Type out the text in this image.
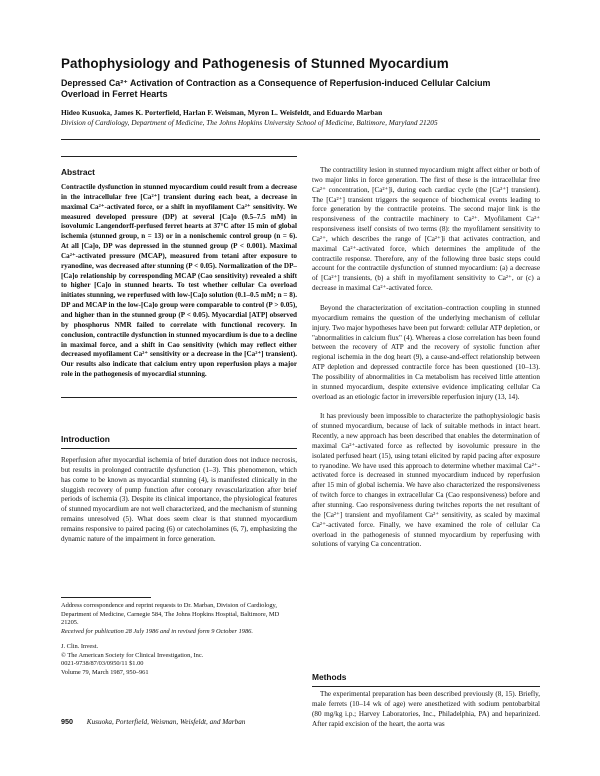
Pathophysiology and Pathogenesis of Stunned Myocardium

Depressed Ca²⁺ Activation of Contraction as a Consequence of Reperfusion-induced Cellular Calcium Overload in Ferret Hearts

Hideo Kusuoka, James K. Porterfield, Harlan F. Weisman, Myron L. Weisfeldt, and Eduardo Marban

Division of Cardiology, Department of Medicine, The Johns Hopkins University School of Medicine, Baltimore, Maryland 21205

Abstract

Contractile dysfunction in stunned myocardium could result from a decrease in the intracellular free [Ca²⁺] transient during each beat, a decrease in maximal Ca²⁺-activated force, or a shift in myofilament Ca²⁺ sensitivity. We measured developed pressure (DP) at several [Ca]o (0.5–7.5 mM) in isovolumic Langendorff-perfused ferret hearts at 37°C after 15 min of global ischemia (stunned group, n = 13) or in a nonischemic control group (n = 6). At all [Ca]o, DP was depressed in the stunned group (P < 0.001). Maximal Ca²⁺-activated pressure (MCAP), measured from tetani after exposure to ryanodine, was decreased after stunning (P < 0.05). Normalization of the DP–[Ca]o relationship by corresponding MCAP (Cao sensitivity) revealed a shift to higher [Ca]o in stunned hearts. To test whether cellular Ca overload initiates stunning, we reperfused with low-[Ca]o solution (0.1–0.5 mM; n = 8). DP and MCAP in the low-[Ca]o group were comparable to control (P > 0.05), and higher than in the stunned group (P < 0.05). Myocardial [ATP] observed by phosphorus NMR failed to correlate with functional recovery. In conclusion, contractile dysfunction in stunned myocardium is due to a decline in maximal force, and a shift in Cao sensitivity (which may reflect either decreased myofilament Ca²⁺ sensitivity or a decrease in the [Ca²⁺] transient). Our results also indicate that calcium entry upon reperfusion plays a major role in the pathogenesis of myocardial stunning.

Introduction

Reperfusion after myocardial ischemia of brief duration does not induce necrosis, but results in prolonged contractile dysfunction (1–3). This phenomenon, which has come to be known as myocardial stunning (4), is manifested clinically in the sluggish recovery of pump function after coronary revascularization after brief periods of ischemia (3). Despite its clinical importance, the physiological features of stunned myocardium are not well characterized, and the mechanism of stunning remains unresolved (5). What does seem clear is that stunned myocardium remains responsive to paired pacing (6) or catecholamines (6, 7), emphasizing the dynamic nature of the impairment in force generation.

Address correspondence and reprint requests to Dr. Marban, Division of Cardiology, Department of Medicine, Carnegie 584, The Johns Hopkins Hospital, Baltimore, MD 21205.

Received for publication 28 July 1986 and in revised form 9 October 1986.

J. Clin. Invest.

© The American Society for Clinical Investigation, Inc.

0021-9738/87/03/0950/11 $1.00

Volume 79, March 1987, 950–961

The contractility lesion in stunned myocardium might affect either or both of two major links in force generation. The first of these is the intracellular free Ca²⁺ concentration, [Ca²⁺]i, during each cardiac cycle (the [Ca²⁺] transient). The [Ca²⁺] transient triggers the sequence of biochemical events leading to force generation by the contractile proteins. The second major link is the responsiveness of the contractile machinery to Ca²⁺. Myofilament Ca²⁺ responsiveness itself consists of two terms (8): the myofilament sensitivity to Ca²⁺, which describes the range of [Ca²⁺]i that activates contraction, and maximal Ca²⁺-activated force, which determines the amplitude of the contractile response. Therefore, any of the following three basic steps could account for the contractile dysfunction of stunned myocardium: (a) a decrease of [Ca²⁺] transients, (b) a shift in myofilament sensitivity to Ca²⁺, or (c) a decrease in maximal Ca²⁺-activated force.

Beyond the characterization of excitation–contraction coupling in stunned myocardium remains the question of the underlying mechanism of cellular injury. Two major hypotheses have been put forward: cellular ATP depletion, or "abnormalities in calcium flux" (4). Whereas a close correlation has been found between the recovery of ATP and the recovery of systolic function after regional ischemia in the dog heart (9), a cause-and-effect relationship between ATP depletion and depressed contractile force has been questioned (10–13). The possibility of abnormalities in Ca metabolism has received little attention in stunned myocardium, despite extensive evidence implicating cellular Ca overload as an etiologic factor in irreversible reperfusion injury (13, 14).

It has previously been impossible to characterize the pathophysiologic basis of stunned myocardium, because of lack of suitable methods in intact heart. Recently, a new approach has been described that enables the determination of maximal Ca²⁺-activated force as reflected by isovolumic pressure in the isolated perfused heart (15), using tetani elicited by rapid pacing after exposure to ryanodine. We have used this approach to determine whether maximal Ca²⁺-activated force is decreased in stunned myocardium induced by reperfusion after 15 min of global ischemia. We have also characterized the responsiveness of twitch force to changes in extracellular Ca (Cao responsiveness) before and after stunning. Cao responsiveness during twitches reports the net resultant of the [Ca²⁺] transient and myofilament Ca²⁺ sensitivity, as scaled by maximal Ca²⁺-activated force. Finally, we have examined the role of cellular Ca overload in the pathogenesis of stunned myocardium by reperfusing with solutions of varying Ca concentration.

Methods

The experimental preparation has been described previously (8, 15). Briefly, male ferrets (10–14 wk of age) were anesthetized with sodium pentobarbital (80 mg/kg i.p.; Harvey Laboratories, Inc., Philadelphia, PA) and heparinized. After rapid excision of the heart, the aorta was

950 Kusuoka, Porterfield, Weisman, Weisfeldt, and Marban
